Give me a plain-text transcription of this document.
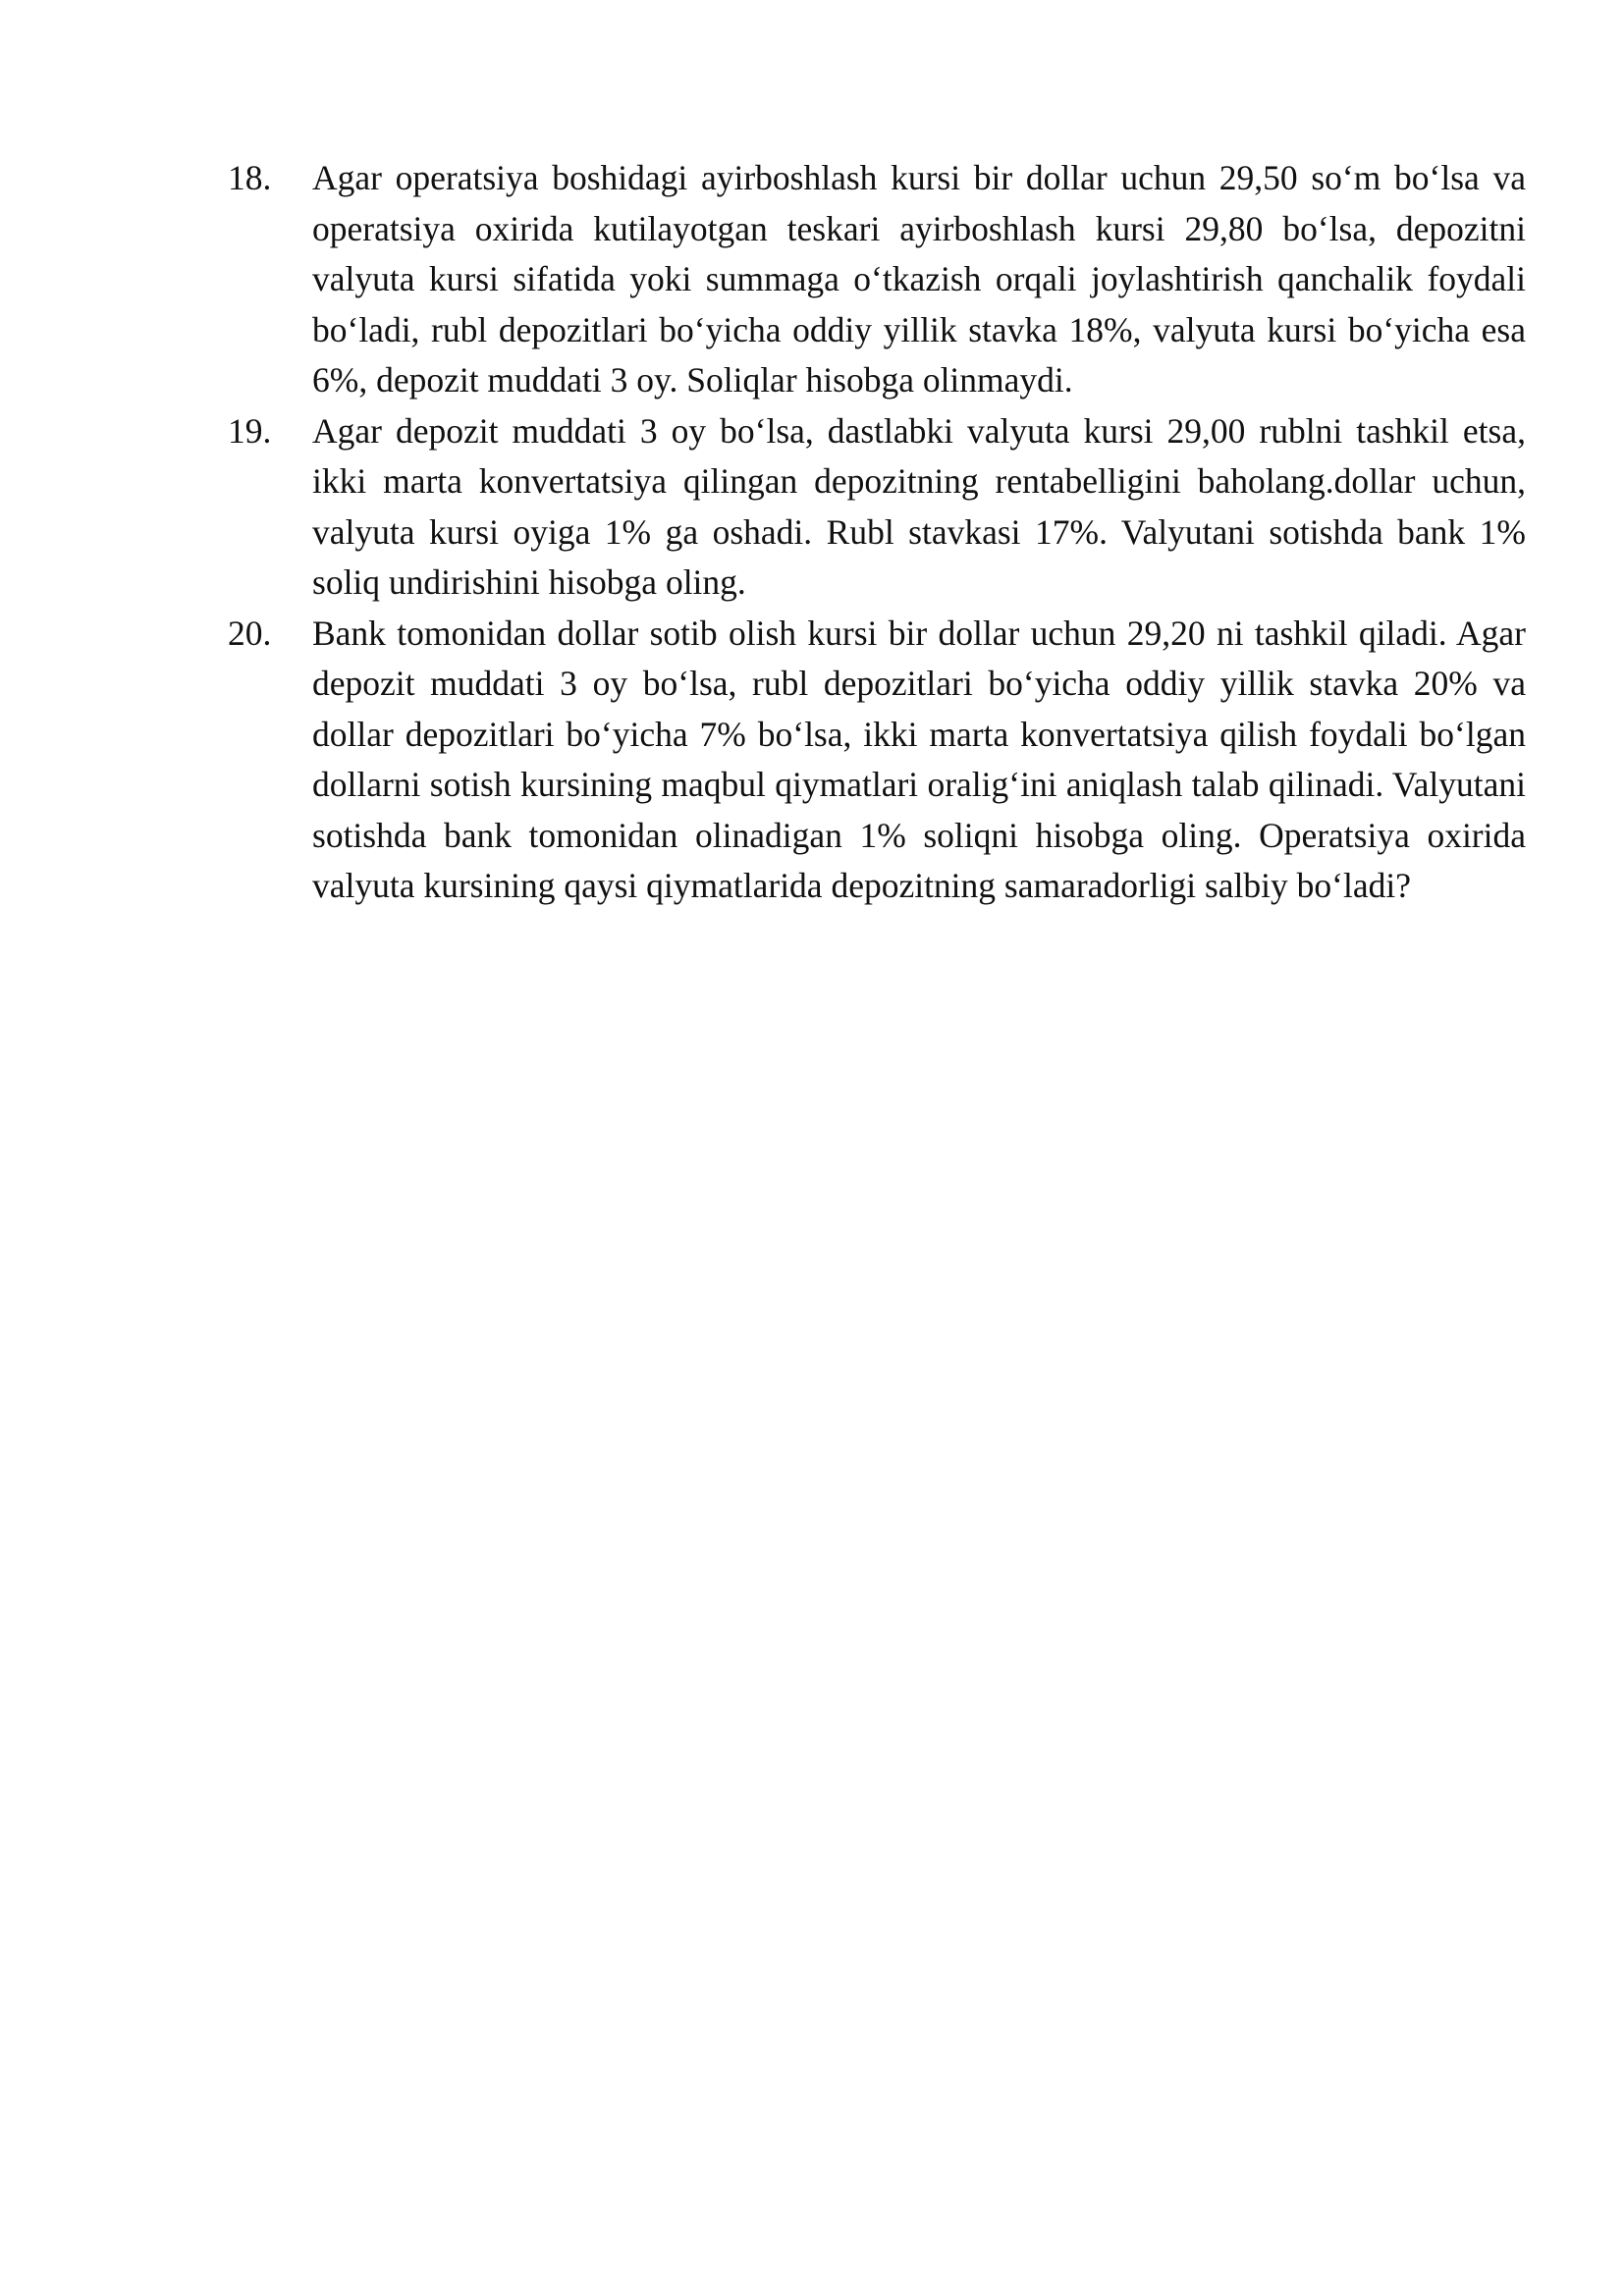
18.	Agar operatsiya boshidagi ayirboshlash kursi bir dollar uchun 29,50 so‘m bo‘lsa va operatsiya oxirida kutilayotgan teskari ayirboshlash kursi 29,80 bo‘lsa, depozitni valyuta kursi sifatida yoki summaga o‘tkazish orqali joylashtirish qanchalik foydali bo‘ladi, rubl depozitlari bo‘yicha oddiy yillik stavka 18%, valyuta kursi bo‘yicha esa 6%, depozit muddati 3 oy. Soliqlar hisobga olinmaydi.
19.	Agar depozit muddati 3 oy bo‘lsa, dastlabki valyuta kursi 29,00 rublni tashkil etsa, ikki marta konvertatsiya qilingan depozitning rentabelligini baholang.dollar uchun, valyuta kursi oyiga 1% ga oshadi. Rubl stavkasi 17%. Valyutani sotishda bank 1% soliq undirishini hisobga oling.
20.	Bank tomonidan dollar sotib olish kursi bir dollar uchun 29,20 ni tashkil qiladi. Agar depozit muddati 3 oy bo‘lsa, rubl depozitlari bo‘yicha oddiy yillik stavka 20% va dollar depozitlari bo‘yicha 7% bo‘lsa, ikki marta konvertatsiya qilish foydali bo‘lgan dollarni sotish kursining maqbul qiymatlari oralig‘ini aniqlash talab qilinadi. Valyutani sotishda bank tomonidan olinadigan 1% soliqni hisobga oling. Operatsiya oxirida valyuta kursining qaysi qiymatlarida depozitning samaradorligi salbiy bo‘ladi?
